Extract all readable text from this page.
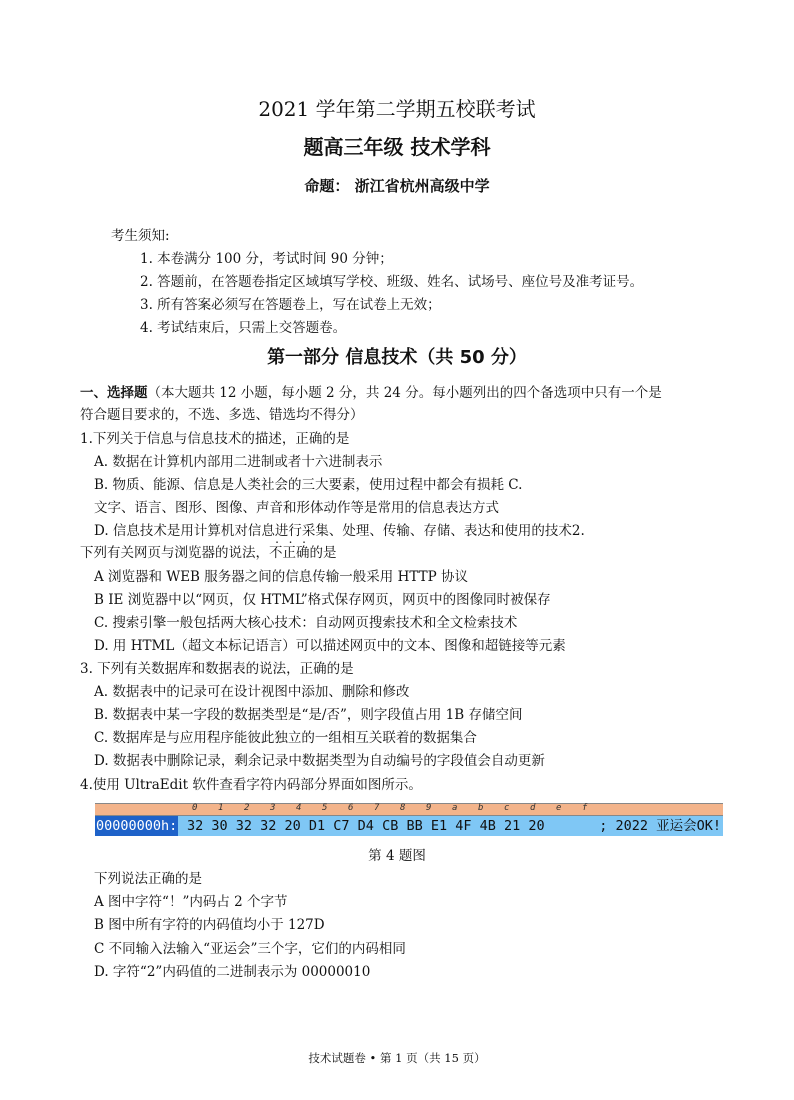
2021 学年第二学期五校联考试
题高三年级 技术学科
命题： 浙江省杭州高级中学
考生须知:
1. 本卷满分 100 分，考试时间 90 分钟；
2. 答题前，在答题卷指定区域填写学校、班级、姓名、试场号、座位号及准考证号。
3. 所有答案必须写在答题卷上，写在试卷上无效；
4. 考试结束后，只需上交答题卷。
第一部分 信息技术（共 50 分）
一、选择题（本大题共 12 小题，每小题 2 分，共 24 分。每小题列出的四个备选项中只有一个是
符合题目要求的，不选、多选、错选均不得分）
1.下列关于信息与信息技术的描述，正确的是
A. 数据在计算机内部用二进制或者十六进制表示
B. 物质、能源、信息是人类社会的三大要素，使用过程中都会有损耗 C.
文字、语言、图形、图像、声音和形体动作等是常用的信息表达方式
D. 信息技术是用计算机对信息进行采集、处理、传输、存储、表达和使用的技术2.
下列有关网页与浏览器的说法，不正确的是
A 浏览器和 WEB 服务器之间的信息传输一般采用 HTTP 协议
B IE 浏览器中以“网页，仅 HTML”格式保存网页，网页中的图像同时被保存
C. 搜索引擎一般包括两大核心技术：自动网页搜索技术和全文检索技术
D. 用 HTML（超文本标记语言）可以描述网页中的文本、图像和超链接等元素
3. 下列有关数据库和数据表的说法，正确的是
A. 数据表中的记录可在设计视图中添加、删除和修改
B. 数据表中某一字段的数据类型是“是/否”，则字段值占用 1B 存储空间
C. 数据库是与应用程序能彼此独立的一组相互关联着的数据集合
D. 数据表中删除记录，剩余记录中数据类型为自动编号的字段值会自动更新
4.使用 UltraEdit 软件查看字符内码部分界面如图所示。
0 1 2 3 4 5 6 7 8 9 a b c d e f
00000000h: 32 30 32 32 20 D1 C7 D4 CB BB E1 4F 4B 21 20	; 2022 亚运会OK!
第 4 题图
下列说法正确的是
A 图中字符“！”内码占 2 个字节
B 图中所有字符的内码值均小于 127D
C 不同输入法输入“亚运会”三个字，它们的内码相同
D. 字符“2”内码值的二进制表示为 00000010
技术试题卷 • 第 1 页（共 15 页）
